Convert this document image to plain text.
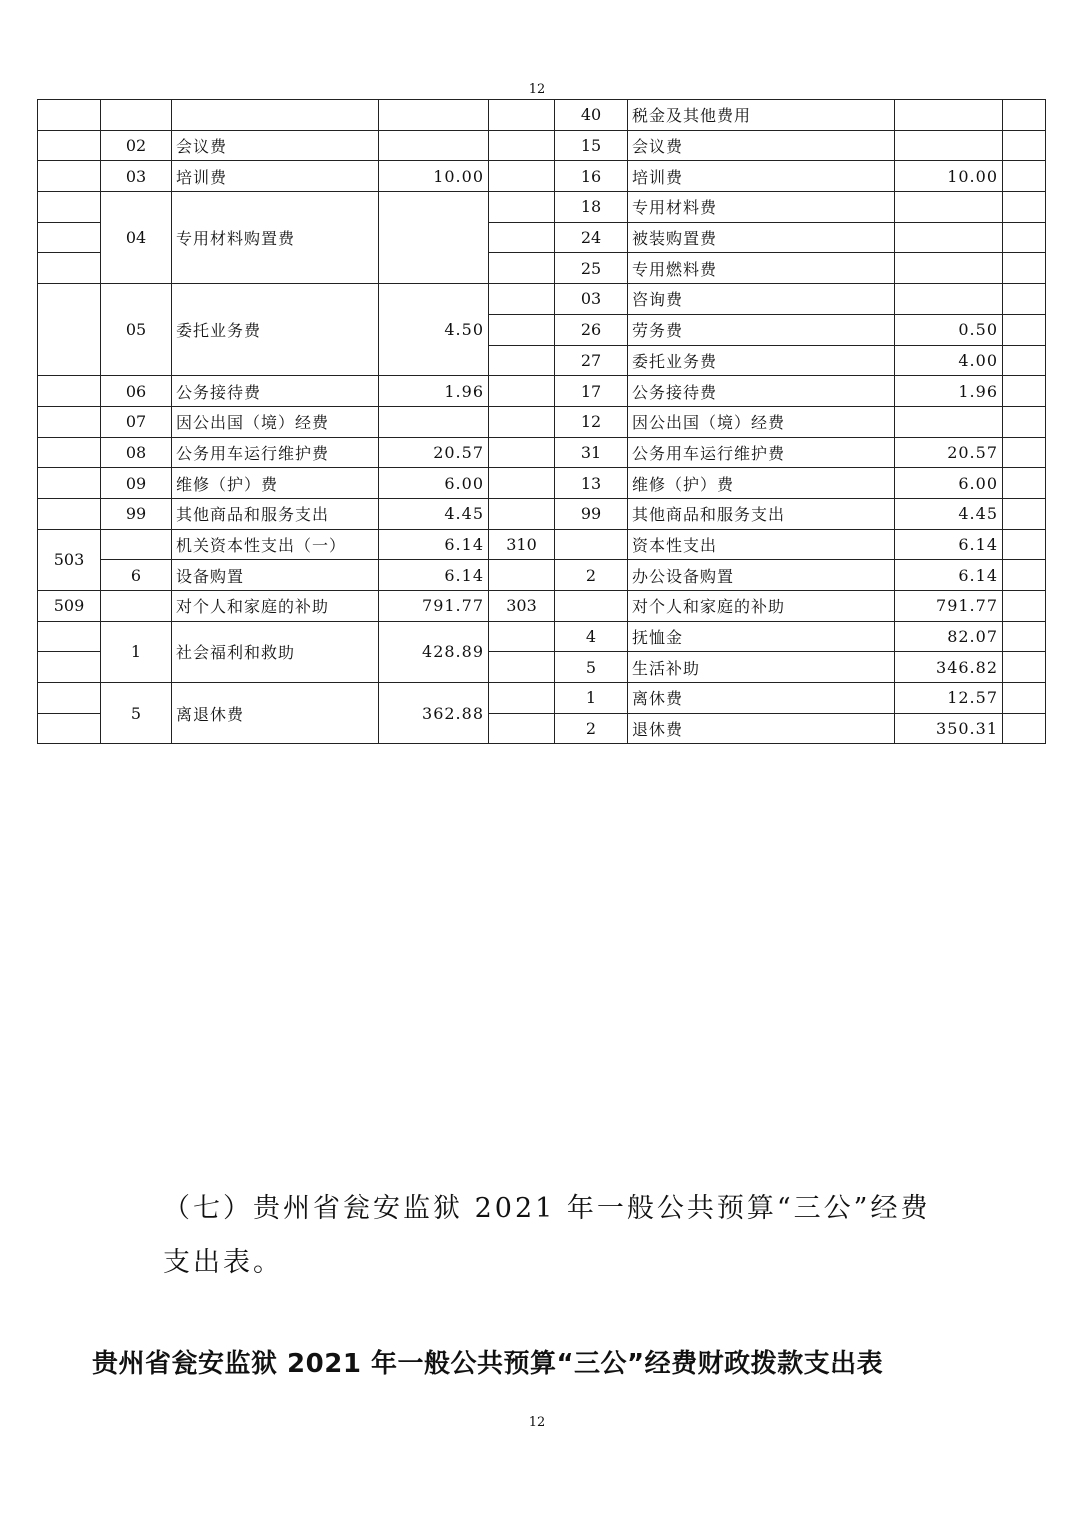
12
					40	税金及其他费用		
	02	会议费			15	会议费		
	03	培训费	10.00		16	培训费	10.00	
	04	专用材料购置费			18	专用材料费		
					24	被装购置费		
					25	专用燃料费		
	05	委托业务费	4.50		03	咨询费		
					26	劳务费	0.50	
					27	委托业务费	4.00	
	06	公务接待费	1.96		17	公务接待费	1.96	
	07	因公出国（境）经费			12	因公出国（境）经费		
	08	公务用车运行维护费	20.57		31	公务用车运行维护费	20.57	
	09	维修（护）费	6.00		13	维修（护）费	6.00	
	99	其他商品和服务支出	4.45		99	其他商品和服务支出	4.45	
503		机关资本性支出（一）	6.14	310		资本性支出	6.14	
	6	设备购置	6.14		2	办公设备购置	6.14	
509		对个人和家庭的补助	791.77	303		对个人和家庭的补助	791.77	
	1	社会福利和救助	428.89		4	抚恤金	82.07	
					5	生活补助	346.82	
	5	离退休费	362.88		1	离休费	12.57	
					2	退休费	350.31	
（七）贵州省瓮安监狱 2021 年一般公共预算“三公”经费
支出表。
贵州省瓮安监狱 2021 年一般公共预算“三公”经费财政拨款支出表
12
